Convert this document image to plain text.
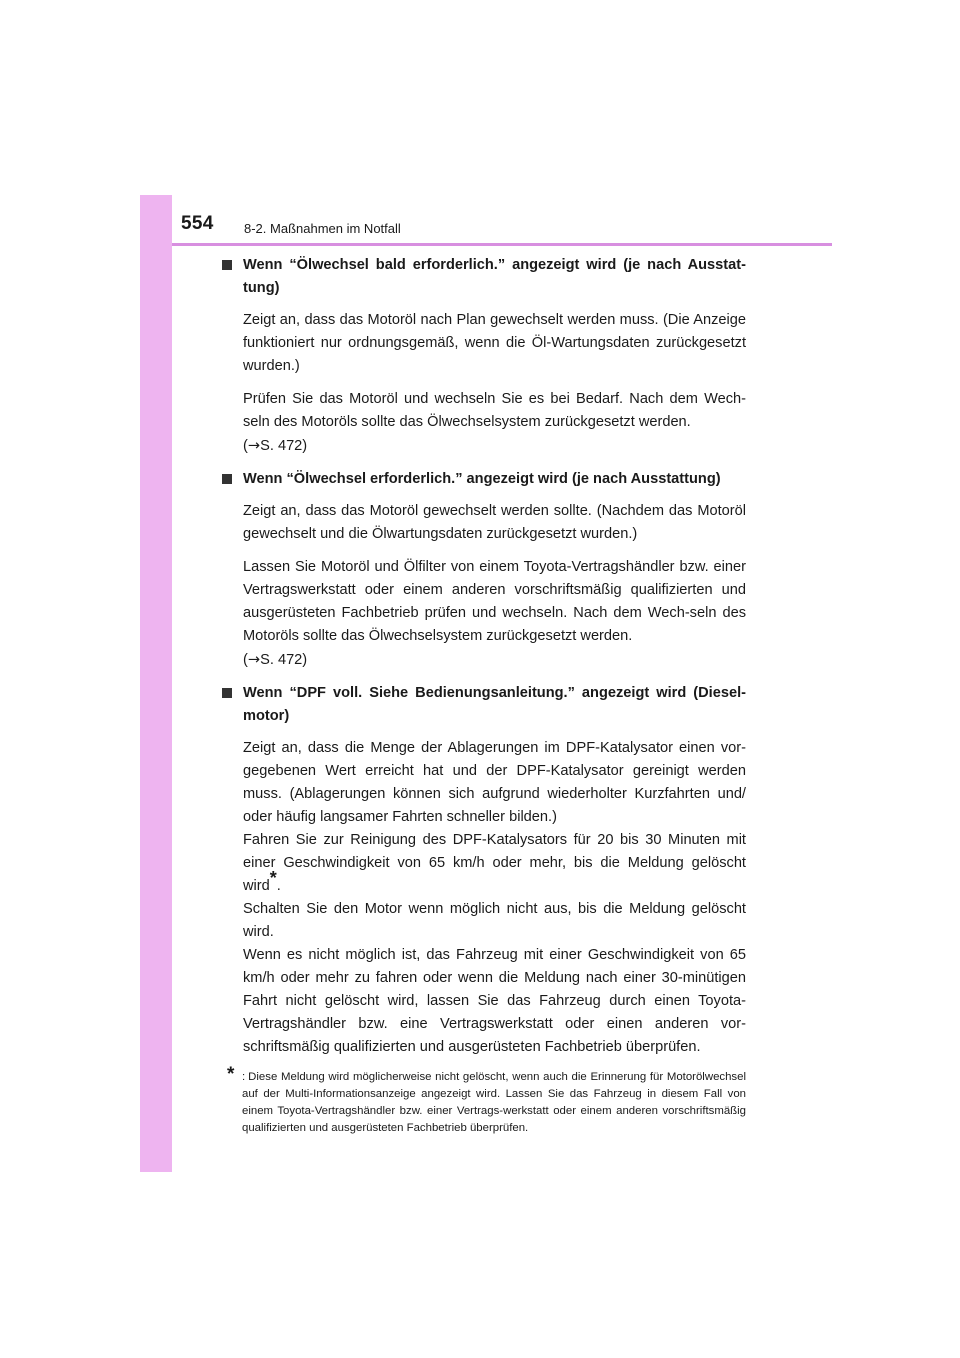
554 8-2. Maßnahmen im Notfall
Wenn “Ölwechsel bald erforderlich.” angezeigt wird (je nach Ausstat-tung)
Zeigt an, dass das Motoröl nach Plan gewechselt werden muss. (Die Anzeige funktioniert nur ordnungsgemäß, wenn die Öl-Wartungsdaten zurückgesetzt wurden.)
Prüfen Sie das Motoröl und wechseln Sie es bei Bedarf. Nach dem Wech-seln des Motoröls sollte das Ölwechselsystem zurückgesetzt werden.
(→S. 472)
Wenn “Ölwechsel erforderlich.” angezeigt wird (je nach Ausstattung)
Zeigt an, dass das Motoröl gewechselt werden sollte. (Nachdem das Motoröl gewechselt und die Ölwartungsdaten zurückgesetzt wurden.)
Lassen Sie Motoröl und Ölfilter von einem Toyota-Vertragshändler bzw. einer Vertragswerkstatt oder einem anderen vorschriftsmäßig qualifizierten und ausgerüsteten Fachbetrieb prüfen und wechseln. Nach dem Wech-seln des Motoröls sollte das Ölwechselsystem zurückgesetzt werden.
(→S. 472)
Wenn “DPF voll. Siehe Bedienungsanleitung.” angezeigt wird (Diesel-motor)
Zeigt an, dass die Menge der Ablagerungen im DPF-Katalysator einen vor-gegebenen Wert erreicht hat und der DPF-Katalysator gereinigt werden muss. (Ablagerungen können sich aufgrund wiederholter Kurzfahrten und/ oder häufig langsamer Fahrten schneller bilden.)
Fahren Sie zur Reinigung des DPF-Katalysators für 20 bis 30 Minuten mit einer Geschwindigkeit von 65 km/h oder mehr, bis die Meldung gelöscht wird*.
Schalten Sie den Motor wenn möglich nicht aus, bis die Meldung gelöscht wird.
Wenn es nicht möglich ist, das Fahrzeug mit einer Geschwindigkeit von 65 km/h oder mehr zu fahren oder wenn die Meldung nach einer 30-minütigen Fahrt nicht gelöscht wird, lassen Sie das Fahrzeug durch einen Toyota-Vertragshändler bzw. eine Vertragswerkstatt oder einen anderen vor-schriftsmäßig qualifizierten und ausgerüsteten Fachbetrieb überprüfen.
* : Diese Meldung wird möglicherweise nicht gelöscht, wenn auch die Erinnerung für Motorölwechsel auf der Multi-Informationsanzeige angezeigt wird. Lassen Sie das Fahrzeug in diesem Fall von einem Toyota-Vertragshändler bzw. einer Vertrags-werkstatt oder einem anderen vorschriftsmäßig qualifizierten und ausgerüsteten Fachbetrieb überprüfen.
